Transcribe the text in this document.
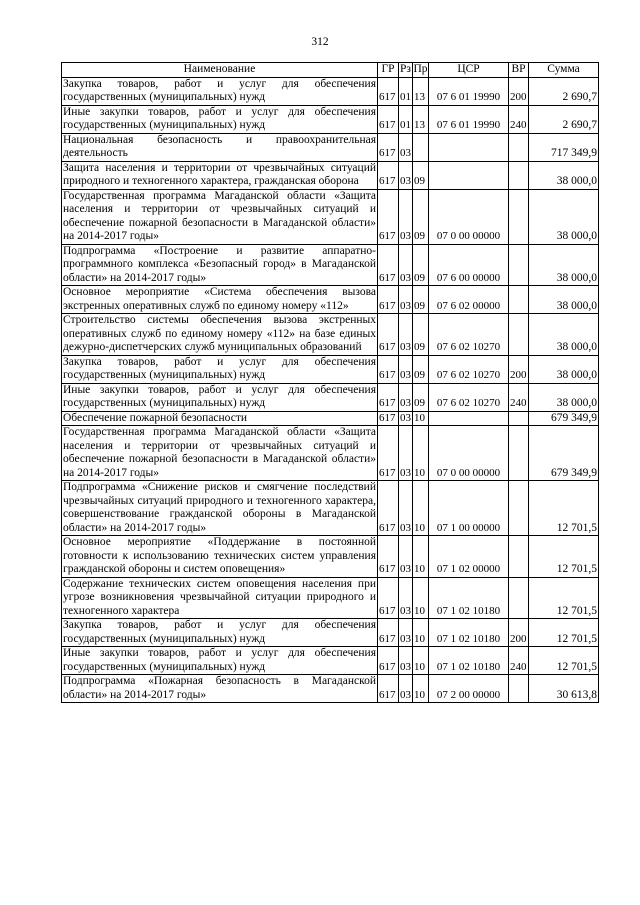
312
Наименование	ГР	Рз	Пр	ЦСР	ВР	Сумма
Закупка товаров, работ и услуг для обеспечения государственных (муниципальных) нужд	617	01	13	07 6 01 19990	200	2 690,7
Иные закупки товаров, работ и услуг для обеспечения государственных (муниципальных) нужд	617	01	13	07 6 01 19990	240	2 690,7
Национальная безопасность и правоохранительная деятельность	617	03				717 349,9
Защита населения и территории от чрезвычайных ситуаций природного и техногенного характера, гражданская оборона	617	03	09			38 000,0
Государственная программа Магаданской области «Защита населения и территории от чрезвычайных ситуаций и обеспечение пожарной безопасности в Магаданской области» на 2014-2017 годы»	617	03	09	07 0 00 00000		38 000,0
Подпрограмма «Построение и развитие аппаратно-программного комплекса «Безопасный город» в Магаданской области» на 2014-2017 годы»	617	03	09	07 6 00 00000		38 000,0
Основное мероприятие «Система обеспечения вызова экстренных оперативных служб по единому номеру «112»	617	03	09	07 6 02 00000		38 000,0
Строительство системы обеспечения вызова экстренных оперативных служб по единому номеру «112» на базе единых дежурно-диспетчерских служб муниципальных образований	617	03	09	07 6 02 10270		38 000,0
Закупка товаров, работ и услуг для обеспечения государственных (муниципальных) нужд	617	03	09	07 6 02 10270	200	38 000,0
Иные закупки товаров, работ и услуг для обеспечения государственных (муниципальных) нужд	617	03	09	07 6 02 10270	240	38 000,0
Обеспечение пожарной безопасности	617	03	10			679 349,9
Государственная программа Магаданской области «Защита населения и территории от чрезвычайных ситуаций и обеспечение пожарной безопасности в Магаданской области» на 2014-2017 годы»	617	03	10	07 0 00 00000		679 349,9
Подпрограмма «Снижение рисков и смягчение последствий чрезвычайных ситуаций природного и техногенного характера, совершенствование гражданской обороны в Магаданской области» на 2014-2017 годы»	617	03	10	07 1 00 00000		12 701,5
Основное мероприятие «Поддержание в постоянной готовности к использованию технических систем управления гражданской обороны и систем оповещения»	617	03	10	07 1 02 00000		12 701,5
Содержание технических систем оповещения населения при угрозе возникновения чрезвычайной ситуации природного и техногенного характера	617	03	10	07 1 02 10180		12 701,5
Закупка товаров, работ и услуг для обеспечения государственных (муниципальных) нужд	617	03	10	07 1 02 10180	200	12 701,5
Иные закупки товаров, работ и услуг для обеспечения государственных (муниципальных) нужд	617	03	10	07 1 02 10180	240	12 701,5
Подпрограмма «Пожарная безопасность в Магаданской области» на 2014-2017 годы»	617	03	10	07 2 00 00000		30 613,8
